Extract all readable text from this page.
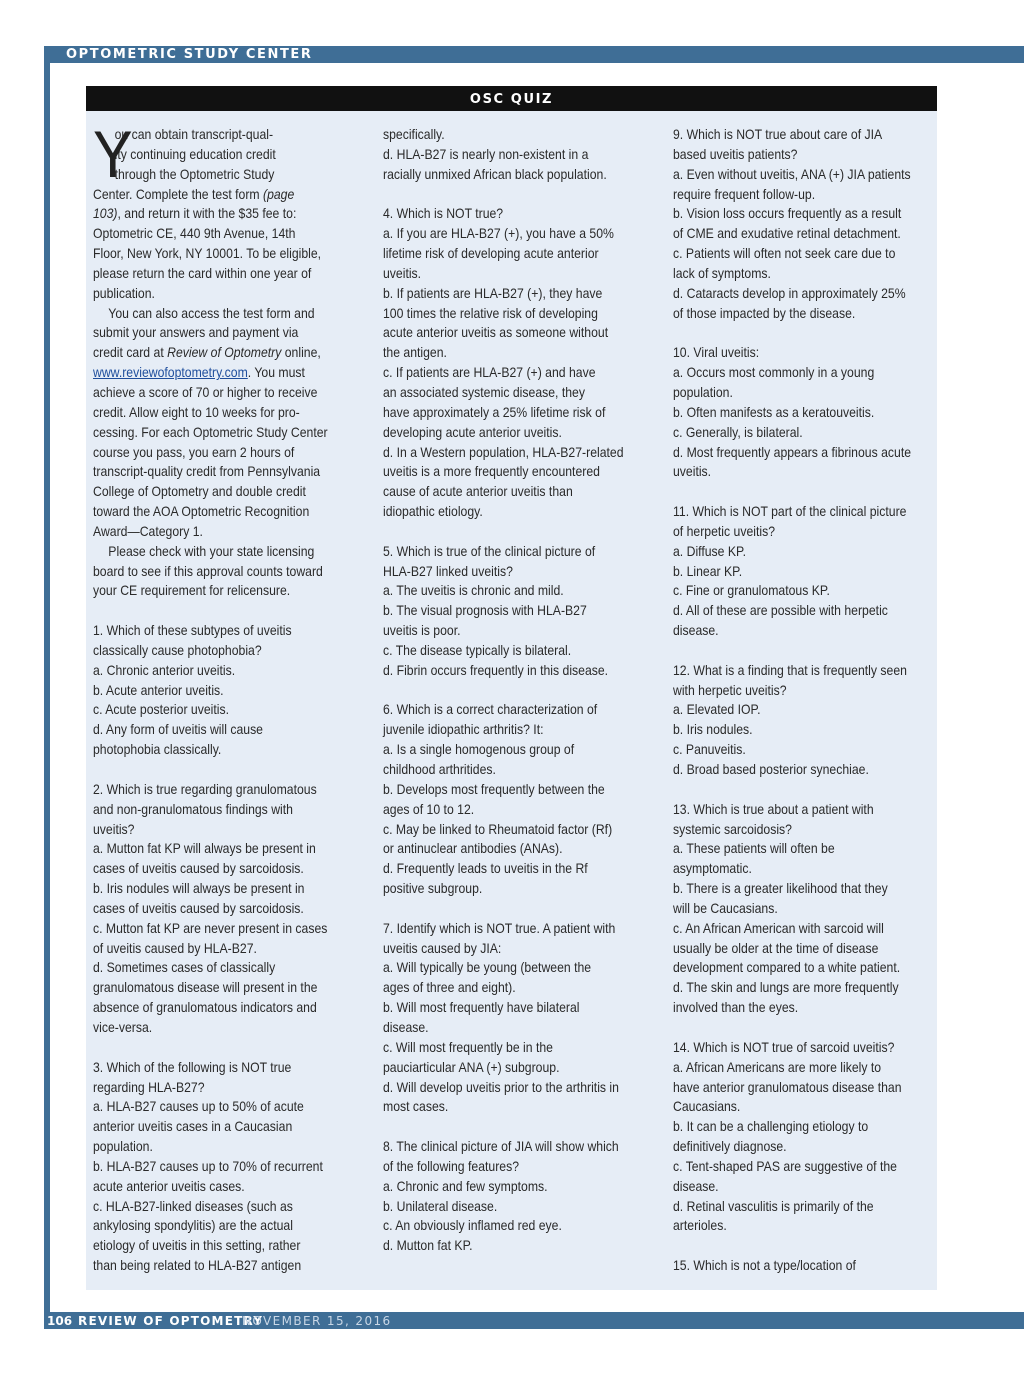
OPTOMETRIC STUDY CENTER
OSC QUIZ
Y
ou can obtain transcript-qual-
ity continuing education credit
through the Optometric Study
Center. Complete the test form (page
103), and return it with the $35 fee to:
Optometric CE, 440 9th Avenue, 14th
Floor, New York, NY 10001. To be eligible,
please return the card within one year of
publication.
You can also access the test form and
submit your answers and payment via
credit card at Review of Optometry online,
www.reviewofoptometry.com. You must
achieve a score of 70 or higher to receive
credit. Allow eight to 10 weeks for pro-
cessing. For each Optometric Study Center
course you pass, you earn 2 hours of
transcript-quality credit from Pennsylvania
College of Optometry and double credit
toward the AOA Optometric Recognition
Award—Category 1.
Please check with your state licensing
board to see if this approval counts toward
your CE requirement for relicensure.

1. Which of these subtypes of uveitis
classically cause photophobia?
a. Chronic anterior uveitis.
b. Acute anterior uveitis.
c. Acute posterior uveitis.
d. Any form of uveitis will cause
photophobia classically.

2. Which is true regarding granulomatous
and non-granulomatous findings with
uveitis?
a. Mutton fat KP will always be present in
cases of uveitis caused by sarcoidosis.
b. Iris nodules will always be present in
cases of uveitis caused by sarcoidosis.
c. Mutton fat KP are never present in cases
of uveitis caused by HLA-B27.
d. Sometimes cases of classically
granulomatous disease will present in the
absence of granulomatous indicators and
vice-versa.

3. Which of the following is NOT true
regarding HLA-B27?
a. HLA-B27 causes up to 50% of acute
anterior uveitis cases in a Caucasian
population.
b. HLA-B27 causes up to 70% of recurrent
acute anterior uveitis cases.
c. HLA-B27-linked diseases (such as
ankylosing spondylitis) are the actual
etiology of uveitis in this setting, rather
than being related to HLA-B27 antigen
specifically.
d. HLA-B27 is nearly non-existent in a
racially unmixed African black population.

4. Which is NOT true?
a. If you are HLA-B27 (+), you have a 50%
lifetime risk of developing acute anterior
uveitis.
b. If patients are HLA-B27 (+), they have
100 times the relative risk of developing
acute anterior uveitis as someone without
the antigen.
c. If patients are HLA-B27 (+) and have
an associated systemic disease, they
have approximately a 25% lifetime risk of
developing acute anterior uveitis.
d. In a Western population, HLA-B27-related
uveitis is a more frequently encountered
cause of acute anterior uveitis than
idiopathic etiology.

5. Which is true of the clinical picture of
HLA-B27 linked uveitis?
a. The uveitis is chronic and mild.
b. The visual prognosis with HLA-B27
uveitis is poor.
c. The disease typically is bilateral.
d. Fibrin occurs frequently in this disease.

6. Which is a correct characterization of
juvenile idiopathic arthritis? It:
a. Is a single homogenous group of
childhood arthritides.
b. Develops most frequently between the
ages of 10 to 12.
c. May be linked to Rheumatoid factor (Rf)
or antinuclear antibodies (ANAs).
d. Frequently leads to uveitis in the Rf
positive subgroup.

7. Identify which is NOT true. A patient with
uveitis caused by JIA:
a. Will typically be young (between the
ages of three and eight).
b. Will most frequently have bilateral
disease.
c. Will most frequently be in the
pauciarticular ANA (+) subgroup.
d. Will develop uveitis prior to the arthritis in
most cases.

8. The clinical picture of JIA will show which
of the following features?
a. Chronic and few symptoms.
b. Unilateral disease.
c. An obviously inflamed red eye.
d. Mutton fat KP.
9. Which is NOT true about care of JIA
based uveitis patients?
a. Even without uveitis, ANA (+) JIA patients
require frequent follow-up.
b. Vision loss occurs frequently as a result
of CME and exudative retinal detachment.
c. Patients will often not seek care due to
lack of symptoms.
d. Cataracts develop in approximately 25%
of those impacted by the disease.

10. Viral uveitis:
a. Occurs most commonly in a young
population.
b. Often manifests as a keratouveitis.
c. Generally, is bilateral.
d. Most frequently appears a fibrinous acute
uveitis.

11. Which is NOT part of the clinical picture
of herpetic uveitis?
a. Diffuse KP.
b. Linear KP.
c. Fine or granulomatous KP.
d. All of these are possible with herpetic
disease.

12. What is a finding that is frequently seen
with herpetic uveitis?
a. Elevated IOP.
b. Iris nodules.
c. Panuveitis.
d. Broad based posterior synechiae.

13. Which is true about a patient with
systemic sarcoidosis?
a. These patients will often be
asymptomatic.
b. There is a greater likelihood that they
will be Caucasians.
c. An African American with sarcoid will
usually be older at the time of disease
development compared to a white patient.
d. The skin and lungs are more frequently
involved than the eyes.

14. Which is NOT true of sarcoid uveitis?
a. African Americans are more likely to
have anterior granulomatous disease than
Caucasians.
b. It can be a challenging etiology to
definitively diagnose.
c. Tent-shaped PAS are suggestive of the
disease.
d. Retinal vasculitis is primarily of the
arterioles.

15. Which is not a type/location of
106 REVIEW OF OPTOMETRY
NOVEMBER 15, 2016
